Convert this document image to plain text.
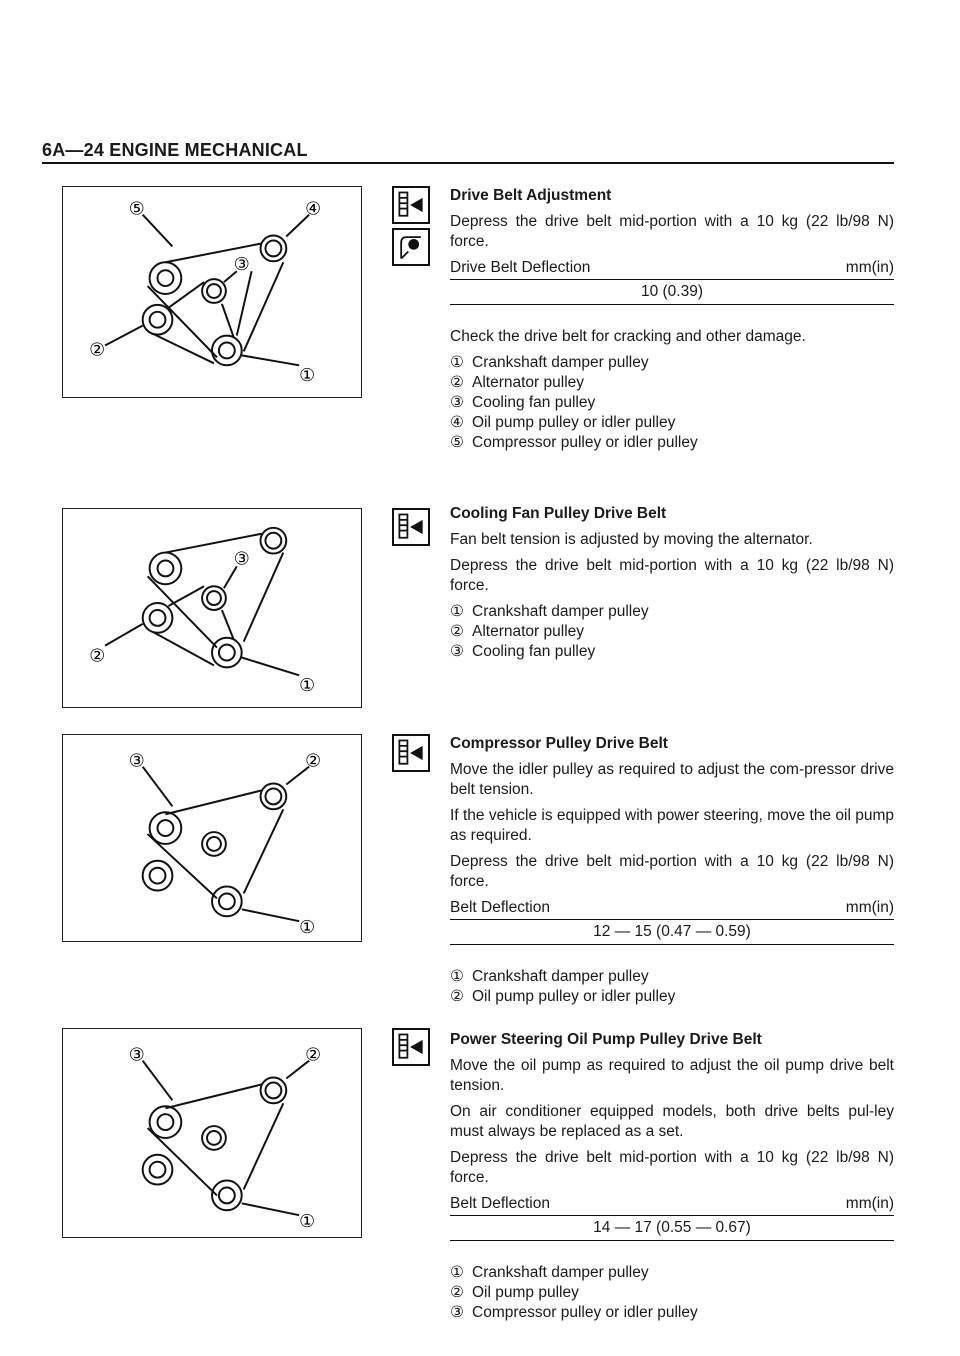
6A—24 ENGINE MECHANICAL
⑤	④
③
②
①
③
②
①
③	②
①
③	②
①
Drive Belt Adjustment

Depress the drive belt mid-portion with a 10 kg (22 lb/98 N) force.

Drive Belt Deflection	mm(in)
10 (0.39)

Check the drive belt for cracking and other damage.

① Crankshaft damper pulley
② Alternator pulley
③ Cooling fan pulley
④ Oil pump pulley or idler pulley
⑤ Compressor pulley or idler pulley
Cooling Fan Pulley Drive Belt

Fan belt tension is adjusted by moving the alternator.

Depress the drive belt mid-portion with a 10 kg (22 lb/98 N) force.

① Crankshaft damper pulley
② Alternator pulley
③ Cooling fan pulley
Compressor Pulley Drive Belt

Move the idler pulley as required to adjust the com-pressor drive belt tension.

If the vehicle is equipped with power steering, move the oil pump as required.

Depress the drive belt mid-portion with a 10 kg (22 lb/98 N) force.

Belt Deflection	mm(in)
12 — 15 (0.47 — 0.59)
① Crankshaft damper pulley
② Oil pump pulley or idler pulley
Power Steering Oil Pump Pulley Drive Belt

Move the oil pump as required to adjust the oil pump drive belt tension.

On air conditioner equipped models, both drive belts pul-ley must always be replaced as a set.

Depress the drive belt mid-portion with a 10 kg (22 lb/98 N) force.

Belt Deflection	mm(in)
14 — 17 (0.55 — 0.67)
① Crankshaft damper pulley
② Oil pump pulley
③ Compressor pulley or idler pulley
